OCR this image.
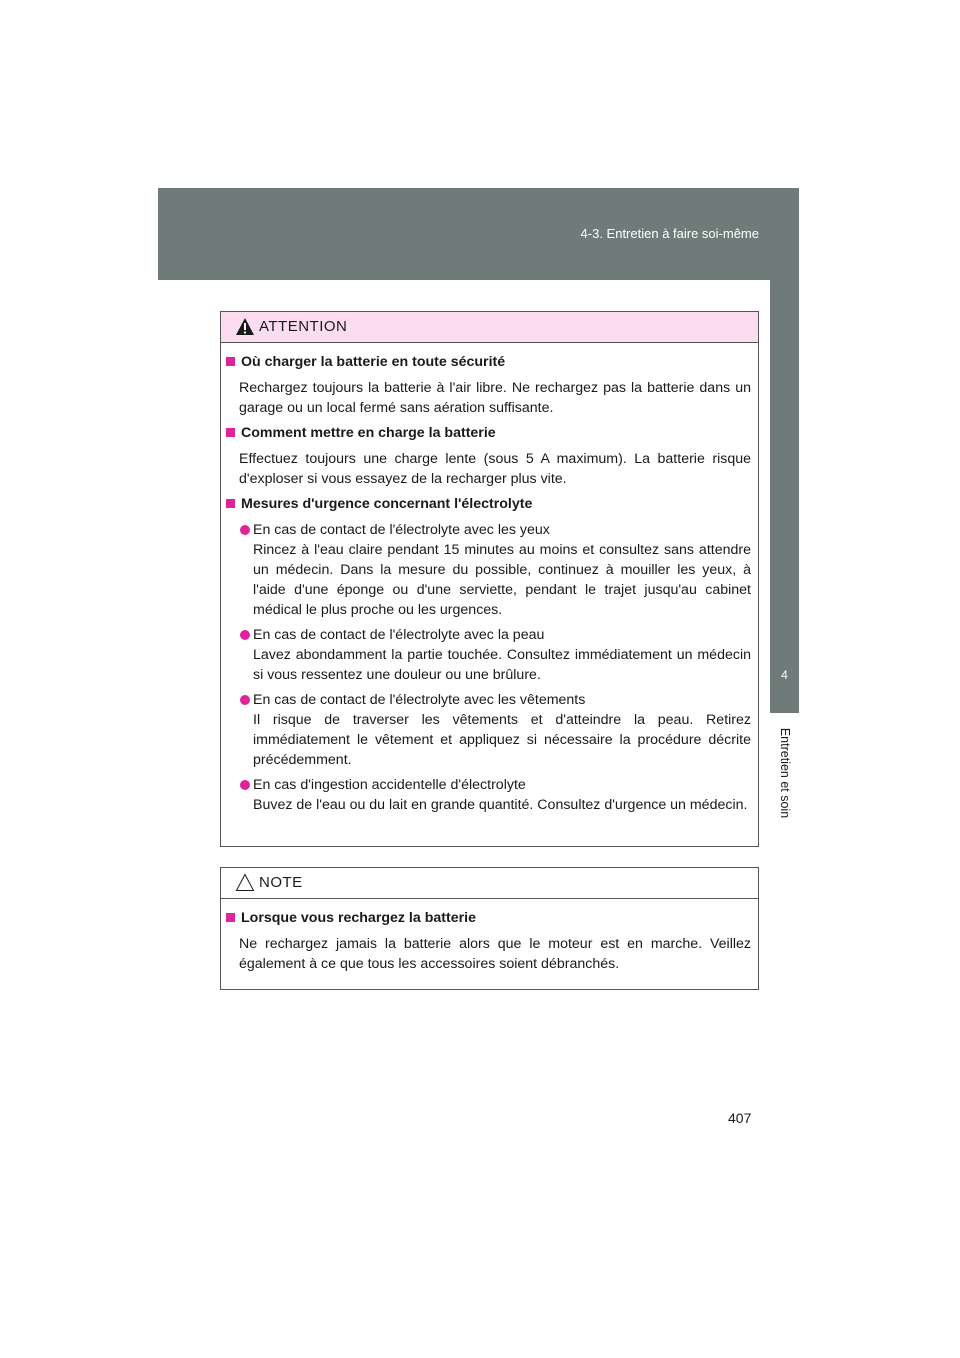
4-3. Entretien à faire soi-même
4
Entretien et soin
ATTENTION
Où charger la batterie en toute sécurité
Rechargez toujours la batterie à l'air libre. Ne rechargez pas la batterie dans un garage ou un local fermé sans aération suffisante.
Comment mettre en charge la batterie
Effectuez toujours une charge lente (sous 5 A maximum). La batterie risque d'exploser si vous essayez de la recharger plus vite.
Mesures d'urgence concernant l'électrolyte
En cas de contact de l'électrolyte avec les yeux
Rincez à l'eau claire pendant 15 minutes au moins et consultez sans attendre un médecin. Dans la mesure du possible, continuez à mouiller les yeux, à l'aide d'une éponge ou d'une serviette, pendant le trajet jusqu'au cabinet médical le plus proche ou les urgences.
En cas de contact de l'électrolyte avec la peau
Lavez abondamment la partie touchée. Consultez immédiatement un médecin si vous ressentez une douleur ou une brûlure.
En cas de contact de l'électrolyte avec les vêtements
Il risque de traverser les vêtements et d'atteindre la peau. Retirez immédiatement le vêtement et appliquez si nécessaire la procédure décrite précédemment.
En cas d'ingestion accidentelle d'électrolyte
Buvez de l'eau ou du lait en grande quantité. Consultez d'urgence un médecin.
NOTE
Lorsque vous rechargez la batterie
Ne rechargez jamais la batterie alors que le moteur est en marche. Veillez également à ce que tous les accessoires soient débranchés.
407
